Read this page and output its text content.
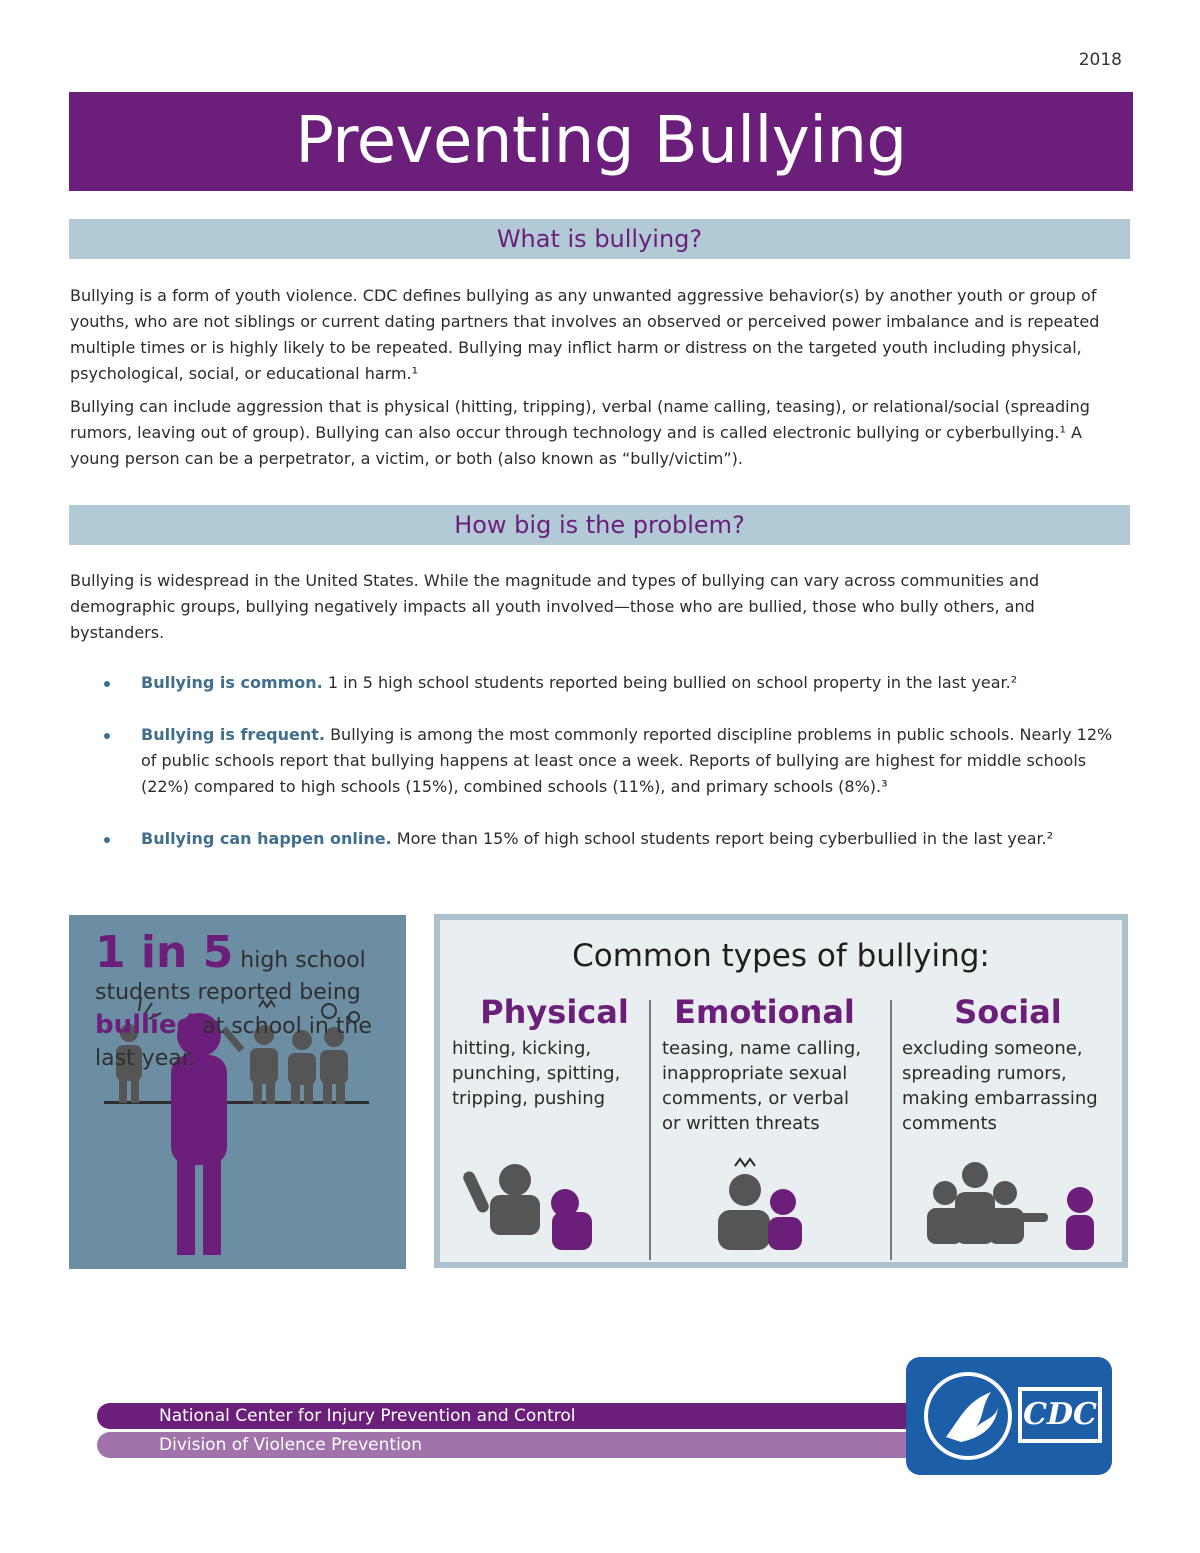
2018
Preventing Bullying
What is bullying?

Bullying is a form of youth violence. CDC defines bullying as any unwanted aggressive behavior(s) by another youth or group of youths, who are not siblings or current dating partners that involves an observed or perceived power imbalance and is repeated multiple times or is highly likely to be repeated. Bullying may inflict harm or distress on the targeted youth including physical, psychological, social, or educational harm.¹

Bullying can include aggression that is physical (hitting, tripping), verbal (name calling, teasing), or relational/social (spreading rumors, leaving out of group). Bullying can also occur through technology and is called electronic bullying or cyberbullying.¹ A young person can be a perpetrator, a victim, or both (also known as “bully/victim”).

How big is the problem?

Bullying is widespread in the United States. While the magnitude and types of bullying can vary across communities and demographic groups, bullying negatively impacts all youth involved—those who are bullied, those who bully others, and bystanders.

Bullying is common. 1 in 5 high school students reported being bullied on school property in the last year.²
Bullying is frequent. Bullying is among the most commonly reported discipline problems in public schools. Nearly 12% of public schools report that bullying happens at least once a week. Reports of bullying are highest for middle schools (22%) compared to high schools (15%), combined schools (11%), and primary schools (8%).³
Bullying can happen online. More than 15% of high school students report being cyberbullied in the last year.²
1 in 5 high school students reported being bullied at school in the last year.
Common types of bullying:
Physical
hitting, kicking, punching, spitting, tripping, pushing
Emotional
teasing, name calling, inappropriate sexual comments, or verbal or written threats
Social
excluding someone, spreading rumors, making embarrassing comments
National Center for Injury Prevention and Control
Division of Violence Prevention
CDC
